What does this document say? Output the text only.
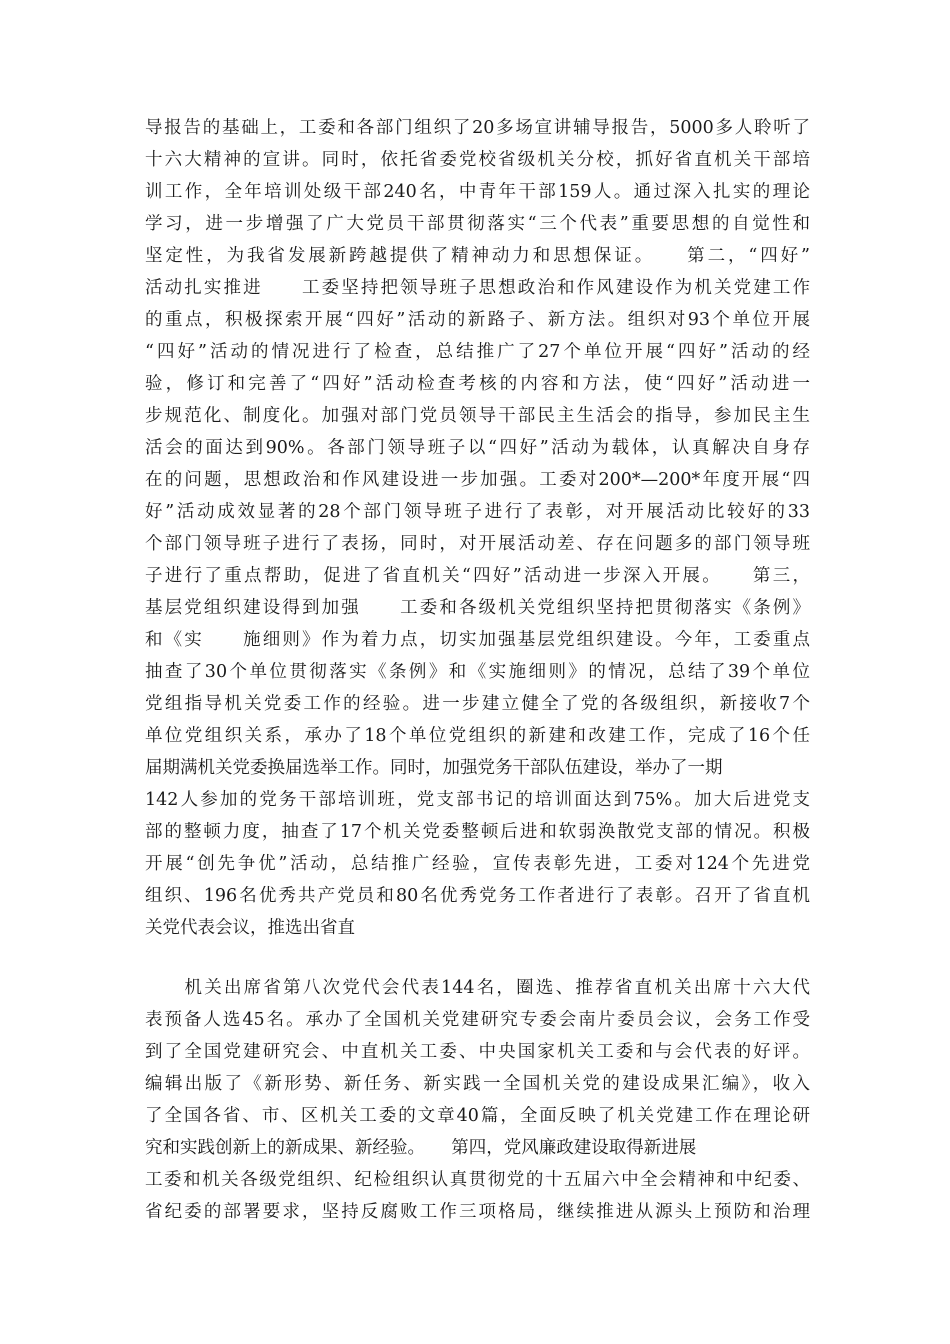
导报告的基础上，工委和各部门组织了20多场宣讲辅导报告，5000多人聆听了
十六大精神的宣讲。同时，依托省委党校省级机关分校，抓好省直机关干部培
训工作，全年培训处级干部240名，中青年干部159人。通过深入扎实的理论
学习，进一步增强了广大党员干部贯彻落实“三个代表”重要思想的自觉性和
坚定性，为我省发展新跨越提供了精神动力和思想保证。　　第二，“四好”
活动扎实推进　　工委坚持把领导班子思想政治和作风建设作为机关党建工作
的重点，积极探索开展“四好”活动的新路子、新方法。组织对93个单位开展
“四好”活动的情况进行了检查，总结推广了27个单位开展“四好”活动的经
验，修订和完善了“四好”活动检查考核的内容和方法，使“四好”活动进一
步规范化、制度化。加强对部门党员领导干部民主生活会的指导，参加民主生
活会的面达到90%。各部门领导班子以“四好”活动为载体，认真解决自身存
在的问题，思想政治和作风建设进一步加强。工委对200*—200*年度开展“四
好”活动成效显著的28个部门领导班子进行了表彰，对开展活动比较好的33
个部门领导班子进行了表扬，同时，对开展活动差、存在问题多的部门领导班
子进行了重点帮助，促进了省直机关“四好”活动进一步深入开展。　　第三，
基层党组织建设得到加强　　工委和各级机关党组织坚持把贯彻落实《条例》
和《实　　施细则》作为着力点，切实加强基层党组织建设。今年，工委重点
抽查了30个单位贯彻落实《条例》和《实施细则》的情况，总结了39个单位
党组指导机关党委工作的经验。进一步建立健全了党的各级组织，新接收7个
单位党组织关系，承办了18个单位党组织的新建和改建工作，完成了16个任
届期满机关党委换届选举工作。同时，加强党务干部队伍建设，举办了一期
142人参加的党务干部培训班，党支部书记的培训面达到75%。加大后进党支
部的整顿力度，抽查了17个机关党委整顿后进和软弱涣散党支部的情况。积极
开展“创先争优”活动，总结推广经验，宣传表彰先进，工委对124个先进党
组织、196名优秀共产党员和80名优秀党务工作者进行了表彰。召开了省直机
关党代表会议，推选出省直
　　机关出席省第八次党代会代表144名，圈选、推荐省直机关出席十六大代
表预备人选45名。承办了全国机关党建研究专委会南片委员会议，会务工作受
到了全国党建研究会、中直机关工委、中央国家机关工委和与会代表的好评。
编辑出版了《新形势、新任务、新实践一全国机关党的建设成果汇编》，收入
了全国各省、市、区机关工委的文章40篇，全面反映了机关党建工作在理论研
究和实践创新上的新成果、新经验。　　第四，党风廉政建设取得新进展
工委和机关各级党组织、纪检组织认真贯彻党的十五届六中全会精神和中纪委、
省纪委的部署要求，坚持反腐败工作三项格局，继续推进从源头上预防和治理
